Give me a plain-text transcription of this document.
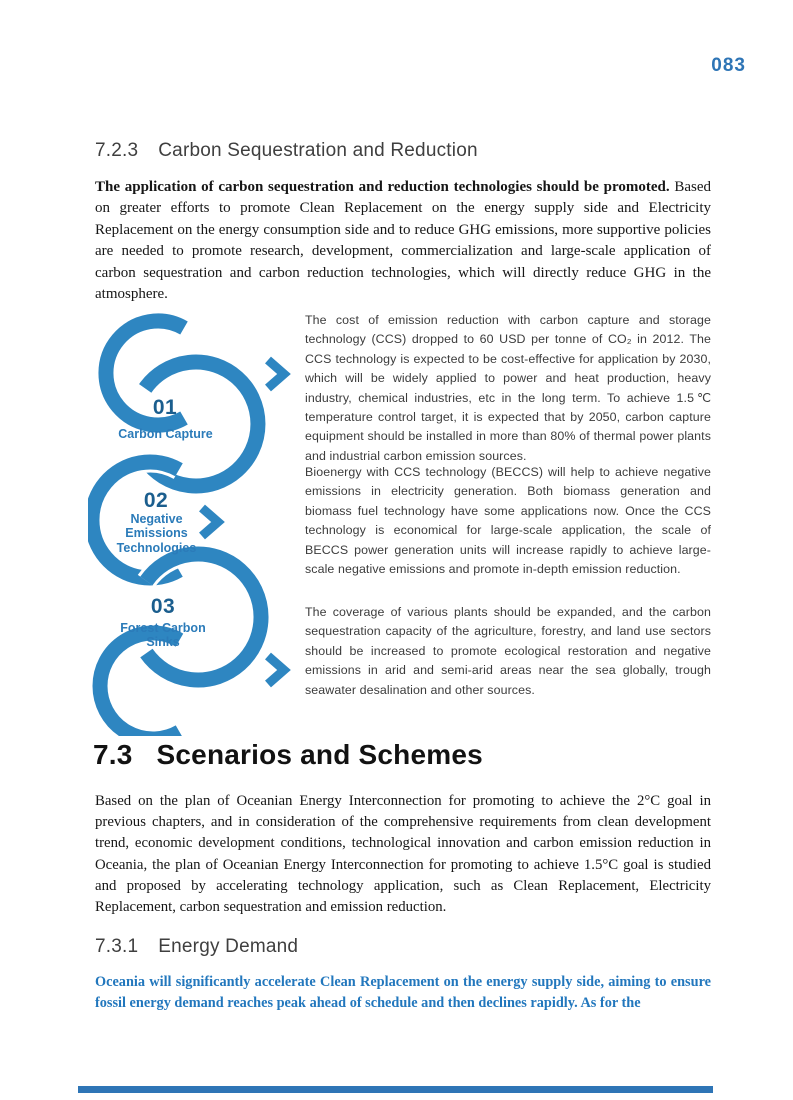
083
7.2.3 Carbon Sequestration and Reduction

The application of carbon sequestration and reduction technologies should be promoted. Based on greater efforts to promote Clean Replacement on the energy supply side and Electricity Replacement on the energy consumption side and to reduce GHG emissions, more supportive policies are needed to promote research, development, commercialization and large-scale application of carbon sequestration and carbon reduction technologies, which will directly reduce GHG in the atmosphere.

01
Carbon Capture

The cost of emission reduction with carbon capture and storage technology (CCS) dropped to 60 USD per tonne of CO₂ in 2012. The CCS technology is expected to be cost-effective for application by 2030, which will be widely applied to power and heat production, heavy industry, chemical industries, etc in the long term. To achieve 1.5℃ temperature control target, it is expected that by 2050, carbon capture equipment should be installed in more than 80% of thermal power plants and industrial carbon emission sources.

02
Negative Emissions Technologies

Bioenergy with CCS technology (BECCS) will help to achieve negative emissions in electricity generation. Both biomass generation and biomass fuel technology have some applications now. Once the CCS technology is economical for large-scale application, the scale of BECCS power generation units will increase rapidly to achieve large-scale negative emissions and promote in-depth emission reduction.

03
Forest Carbon Sinks

The coverage of various plants should be expanded, and the carbon sequestration capacity of the agriculture, forestry, and land use sectors should be increased to promote ecological restoration and negative emissions in arid and semi-arid areas near the sea globally, trough seawater desalination and other sources.

7.3 Scenarios and Schemes

Based on the plan of Oceanian Energy Interconnection for promoting to achieve the 2°C goal in previous chapters, and in consideration of the comprehensive requirements from clean development trend, economic development conditions, technological innovation and carbon emission reduction in Oceania, the plan of Oceanian Energy Interconnection for promoting to achieve 1.5°C goal is studied and proposed by accelerating technology application, such as Clean Replacement, Electricity Replacement, carbon sequestration and emission reduction.

7.3.1 Energy Demand

Oceania will significantly accelerate Clean Replacement on the energy supply side, aiming to ensure fossil energy demand reaches peak ahead of schedule and then declines rapidly. As for the
